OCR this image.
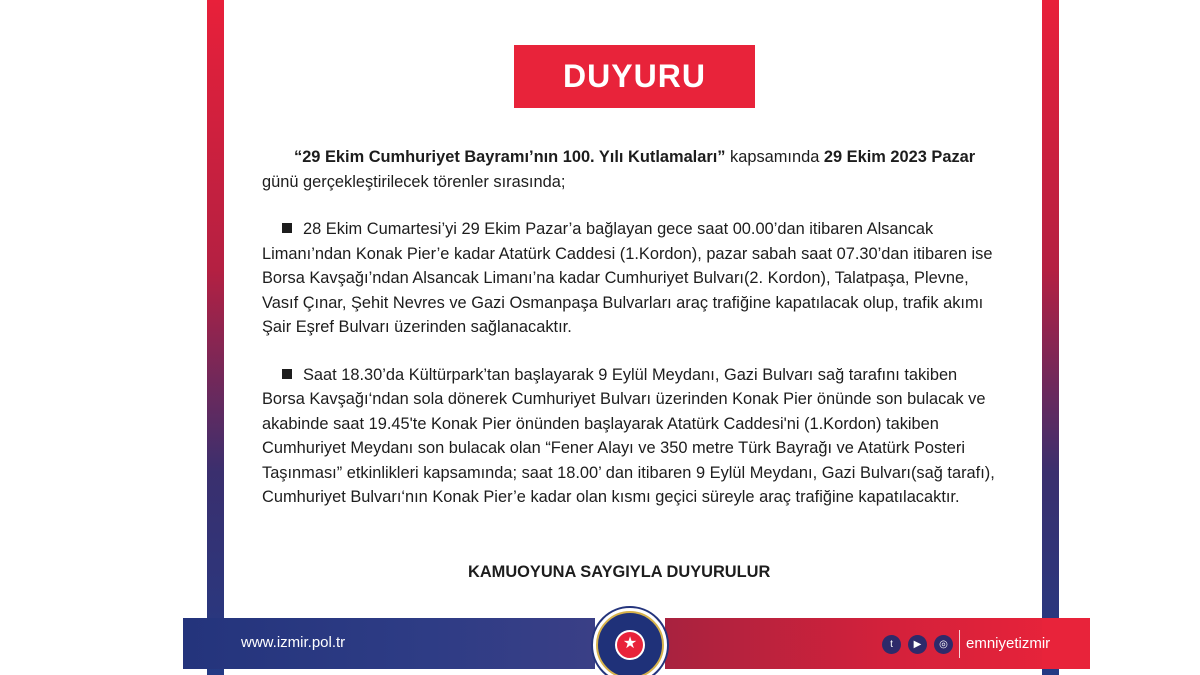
DUYURU

“29 Ekim Cumhuriyet Bayramı’nın 100. Yılı Kutlamaları” kapsamında 29 Ekim 2023 Pazar günü gerçekleştirilecek törenler sırasında;

28 Ekim Cumartesi’yi 29 Ekim Pazar’a bağlayan gece saat 00.00’dan itibaren Alsancak Limanı’ndan Konak Pier’e kadar Atatürk Caddesi (1.Kordon), pazar sabah saat 07.30’dan itibaren ise Borsa Kavşağı’ndan Alsancak Limanı’na kadar Cumhuriyet Bulvarı(2. Kordon), Talatpaşa, Plevne, Vasıf Çınar, Şehit Nevres ve Gazi Osmanpaşa Bulvarları araç trafiğine kapatılacak olup, trafik akımı Şair Eşref Bulvarı üzerinden sağlanacaktır.

Saat 18.30’da Kültürpark’tan başlayarak 9 Eylül Meydanı, Gazi Bulvarı sağ tarafını takiben Borsa Kavşağı‘ndan sola dönerek Cumhuriyet Bulvarı üzerinden Konak Pier önünde son bulacak ve akabinde saat 19.45'te Konak Pier önünden başlayarak Atatürk Caddesi'ni (1.Kordon) takiben Cumhuriyet Meydanı son bulacak olan “Fener Alayı ve 350 metre Türk Bayrağı ve Atatürk Posteri Taşınması” etkinlikleri kapsamında; saat 18.00’ dan itibaren 9 Eylül Meydanı, Gazi Bulvarı(sağ tarafı), Cumhuriyet Bulvarı‘nın Konak Pier’e kadar olan kısmı geçici süreyle araç trafiğine kapatılacaktır.

KAMUOYUNA SAYGIYLA DUYURULUR
www.izmir.pol.tr
★	t	▶	◎	emniyetizmir
